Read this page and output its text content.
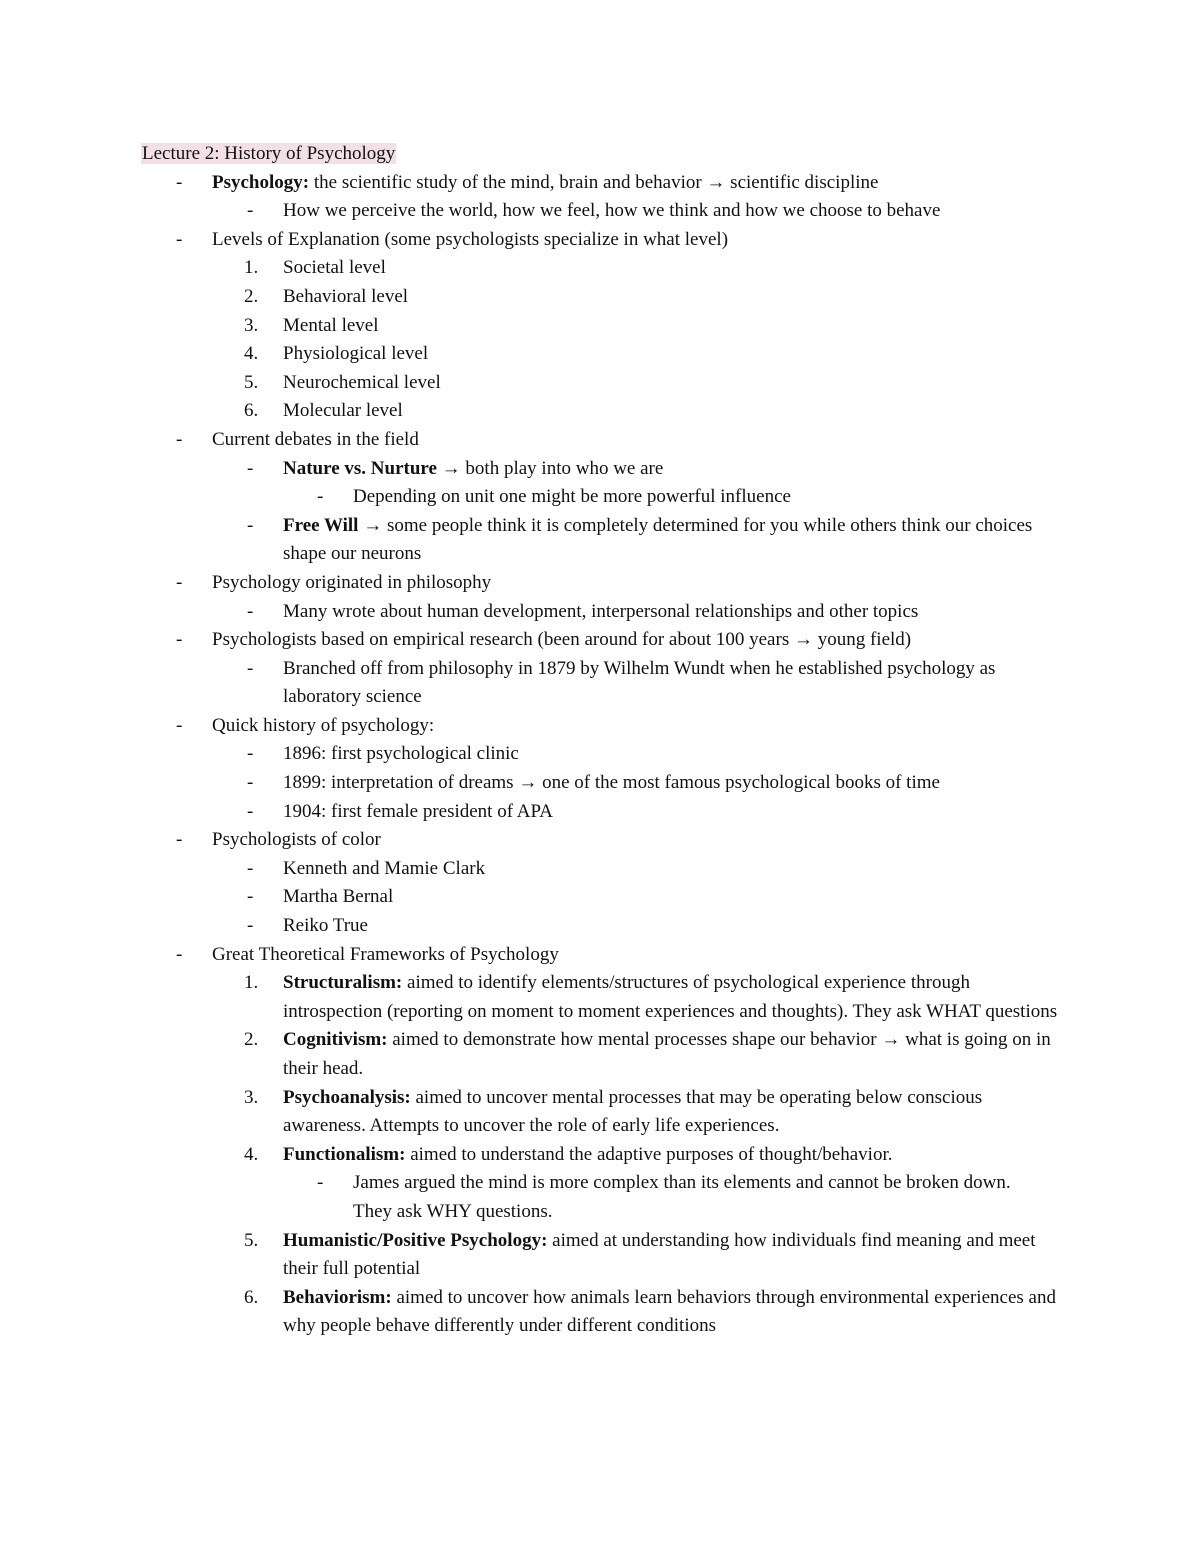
Lecture 2: History of Psychology

- Psychology: the scientific study of the mind, brain and behavior → scientific discipline
- How we perceive the world, how we feel, how we think and how we choose to behave
- Levels of Explanation (some psychologists specialize in what level)
1. Societal level
2. Behavioral level
3. Mental level
4. Physiological level
5. Neurochemical level
6. Molecular level
- Current debates in the field
- Nature vs. Nurture → both play into who we are
- Depending on unit one might be more powerful influence
- Free Will → some people think it is completely determined for you while others think our choices shape our neurons
- Psychology originated in philosophy
- Many wrote about human development, interpersonal relationships and other topics
- Psychologists based on empirical research (been around for about 100 years → young field)
- Branched off from philosophy in 1879 by Wilhelm Wundt when he established psychology as laboratory science
- Quick history of psychology:
- 1896: first psychological clinic
- 1899: interpretation of dreams → one of the most famous psychological books of time
- 1904: first female president of APA
- Psychologists of color
- Kenneth and Mamie Clark
- Martha Bernal
- Reiko True
- Great Theoretical Frameworks of Psychology
1. Structuralism: aimed to identify elements/structures of psychological experience through introspection (reporting on moment to moment experiences and thoughts). They ask WHAT questions
2. Cognitivism: aimed to demonstrate how mental processes shape our behavior → what is going on in their head.
3. Psychoanalysis: aimed to uncover mental processes that may be operating below conscious awareness. Attempts to uncover the role of early life experiences.
4. Functionalism: aimed to understand the adaptive purposes of thought/behavior.
- James argued the mind is more complex than its elements and cannot be broken down. They ask WHY questions.
5. Humanistic/Positive Psychology: aimed at understanding how individuals find meaning and meet their full potential
6. Behaviorism: aimed to uncover how animals learn behaviors through environmental experiences and why people behave differently under different conditions
